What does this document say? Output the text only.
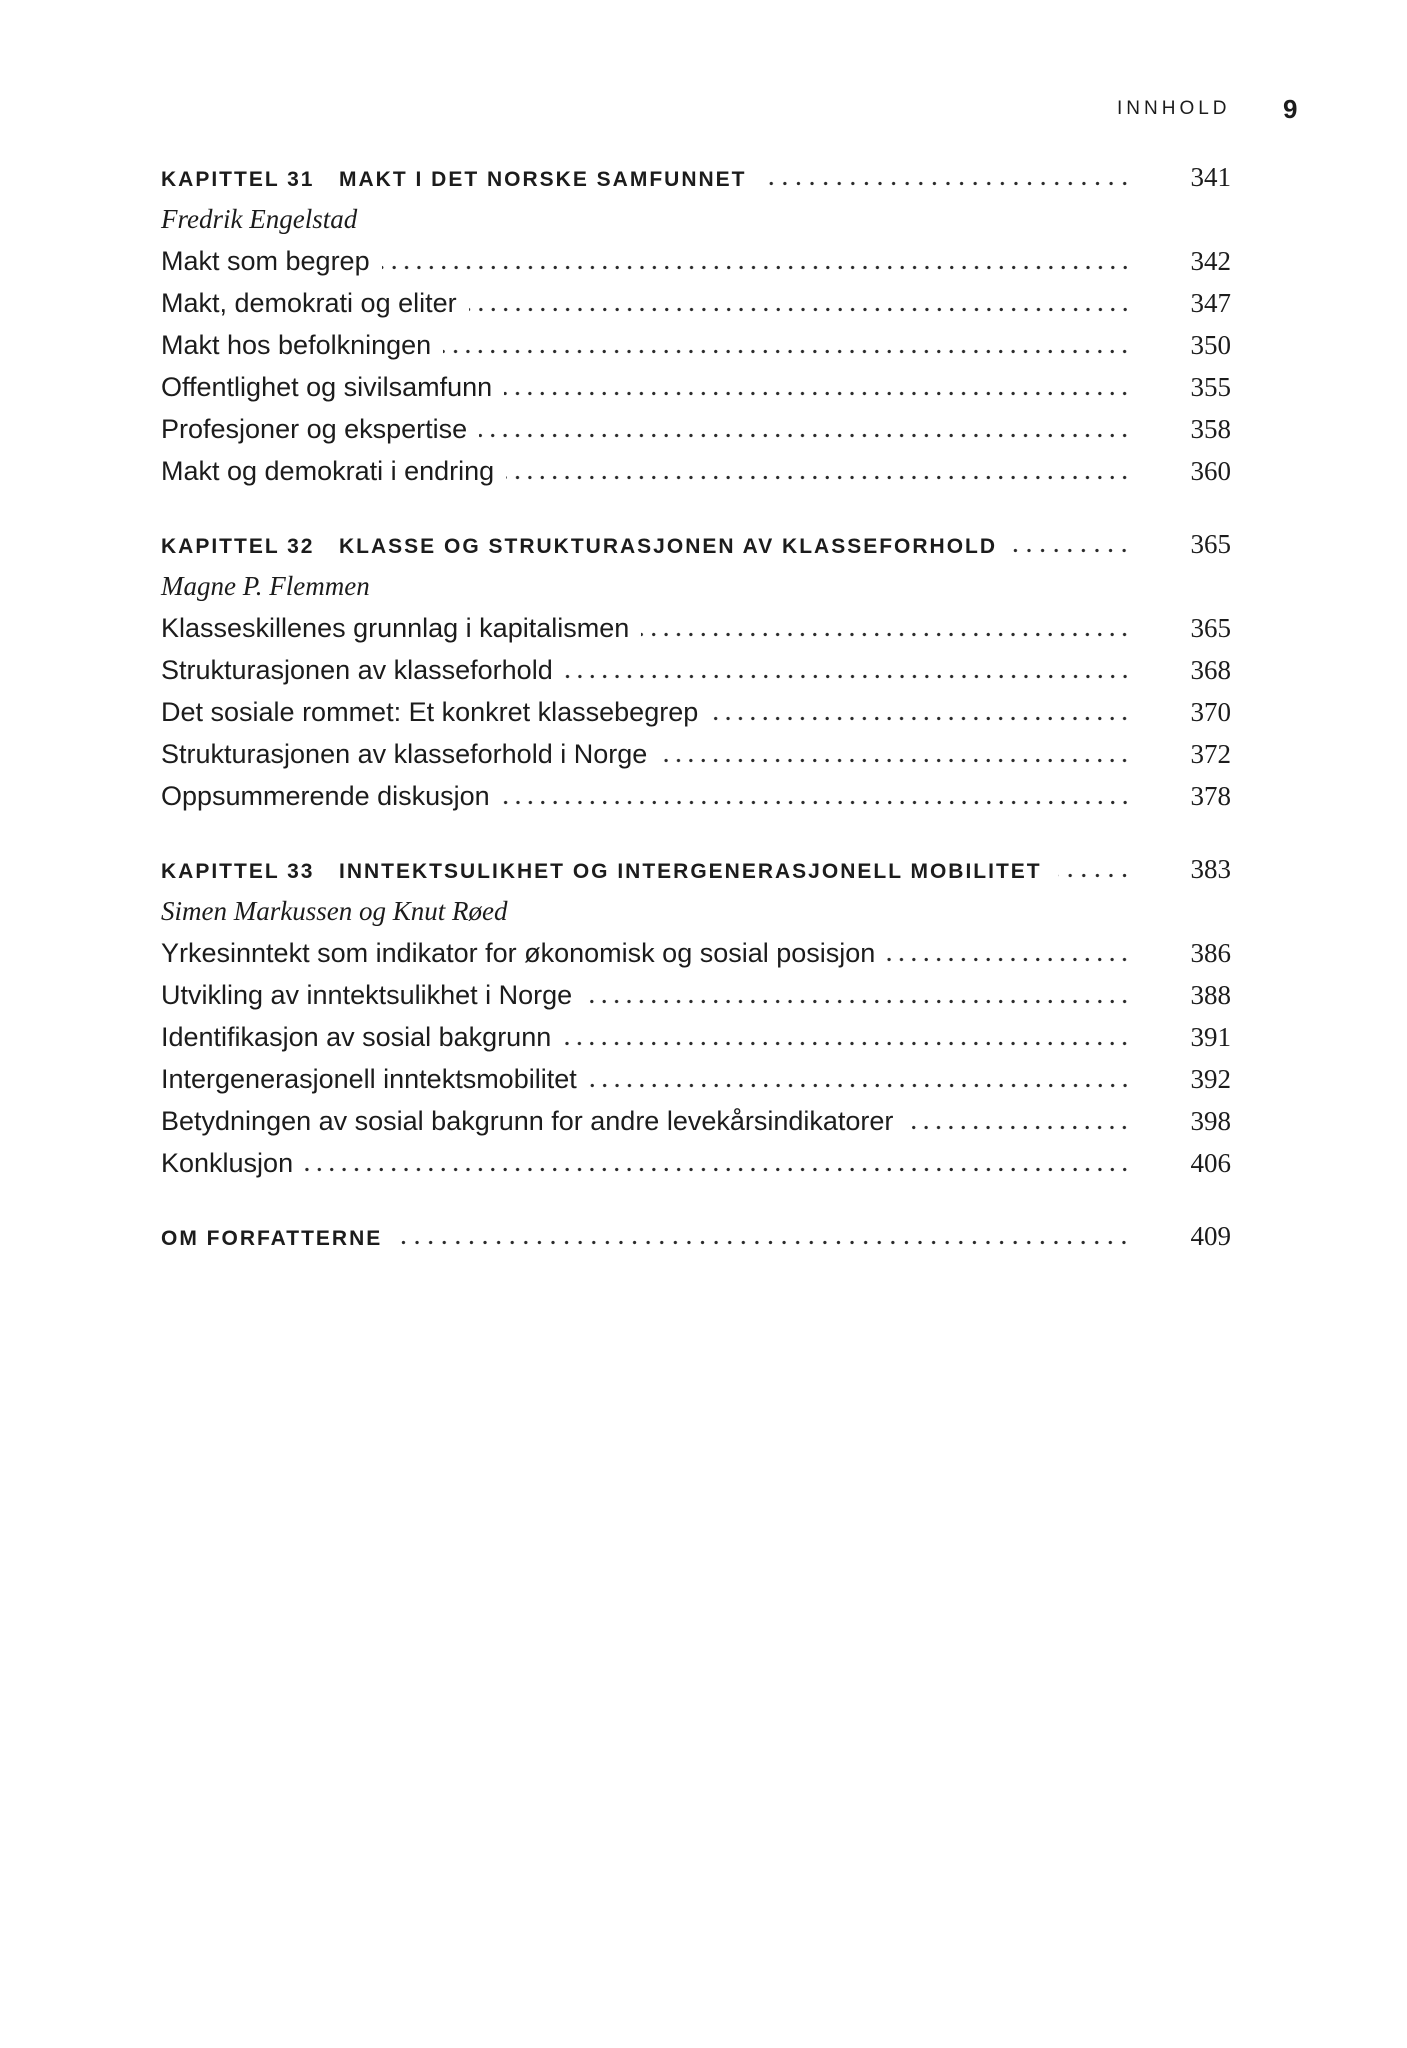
INNHOLD 9
KAPITTEL 31	MAKT I DET NORSKE SAMFUNNET	341
Fredrik Engelstad
Makt som begrep	342
Makt, demokrati og eliter	347
Makt hos befolkningen	350
Offentlighet og sivilsamfunn	355
Profesjoner og ekspertise	358
Makt og demokrati i endring	360
KAPITTEL 32	KLASSE OG STRUKTURASJONEN AV KLASSEFORHOLD	365
Magne P. Flemmen
Klasseskillenes grunnlag i kapitalismen	365
Strukturasjonen av klasseforhold	368
Det sosiale rommet: Et konkret klassebegrep	370
Strukturasjonen av klasseforhold i Norge	372
Oppsummerende diskusjon	378
KAPITTEL 33	INNTEKTSULIKHET OG INTERGENERASJONELL MOBILITET	383
Simen Markussen og Knut Røed
Yrkesinntekt som indikator for økonomisk og sosial posisjon	386
Utvikling av inntektsulikhet i Norge	388
Identifikasjon av sosial bakgrunn	391
Intergenerasjonell inntektsmobilitet	392
Betydningen av sosial bakgrunn for andre levekårsindikatorer	398
Konklusjon	406
OM FORFATTERNE	409
